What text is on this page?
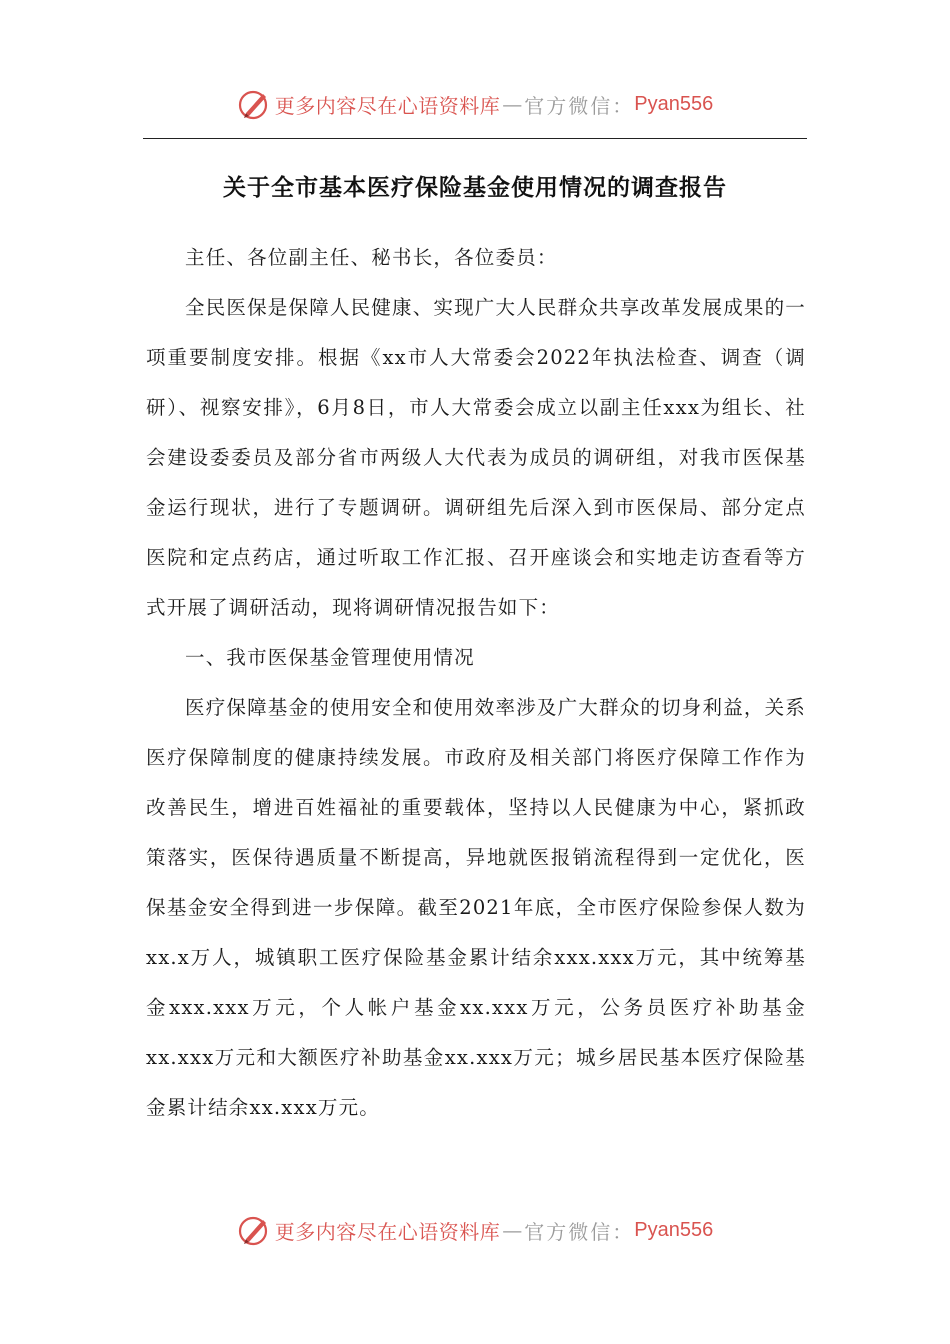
更多内容尽在心语资料库 — 官方微信： Pyan556
关于全市基本医疗保险基金使用情况的调查报告

主任、各位副主任、秘书长，各位委员：

全民医保是保障人民健康、实现广大人民群众共享改革发展成果的一项重要制度安排。根据《xx市人大常委会2022年执法检查、调查（调研）、视察安排》，6月8日，市人大常委会成立以副主任xxx为组长、社会建设委委员及部分省市两级人大代表为成员的调研组，对我市医保基金运行现状，进行了专题调研。调研组先后深入到市医保局、部分定点医院和定点药店，通过听取工作汇报、召开座谈会和实地走访查看等方式开展了调研活动，现将调研情况报告如下：

一、我市医保基金管理使用情况

医疗保障基金的使用安全和使用效率涉及广大群众的切身利益，关系医疗保障制度的健康持续发展。市政府及相关部门将医疗保障工作作为改善民生，增进百姓福祉的重要载体，坚持以人民健康为中心，紧抓政策落实，医保待遇质量不断提高，异地就医报销流程得到一定优化，医保基金安全得到进一步保障。截至2021年底，全市医疗保险参保人数为xx.x万人，城镇职工医疗保险基金累计结余xxx.xxx万元，其中统筹基金xxx.xxx万元，个人帐户基金xx.xxx万元，公务员医疗补助基金xx.xxx万元和大额医疗补助基金xx.xxx万元；城乡居民基本医疗保险基金累计结余xx.xxx万元。

更多内容尽在心语资料库 — 官方微信： Pyan556
